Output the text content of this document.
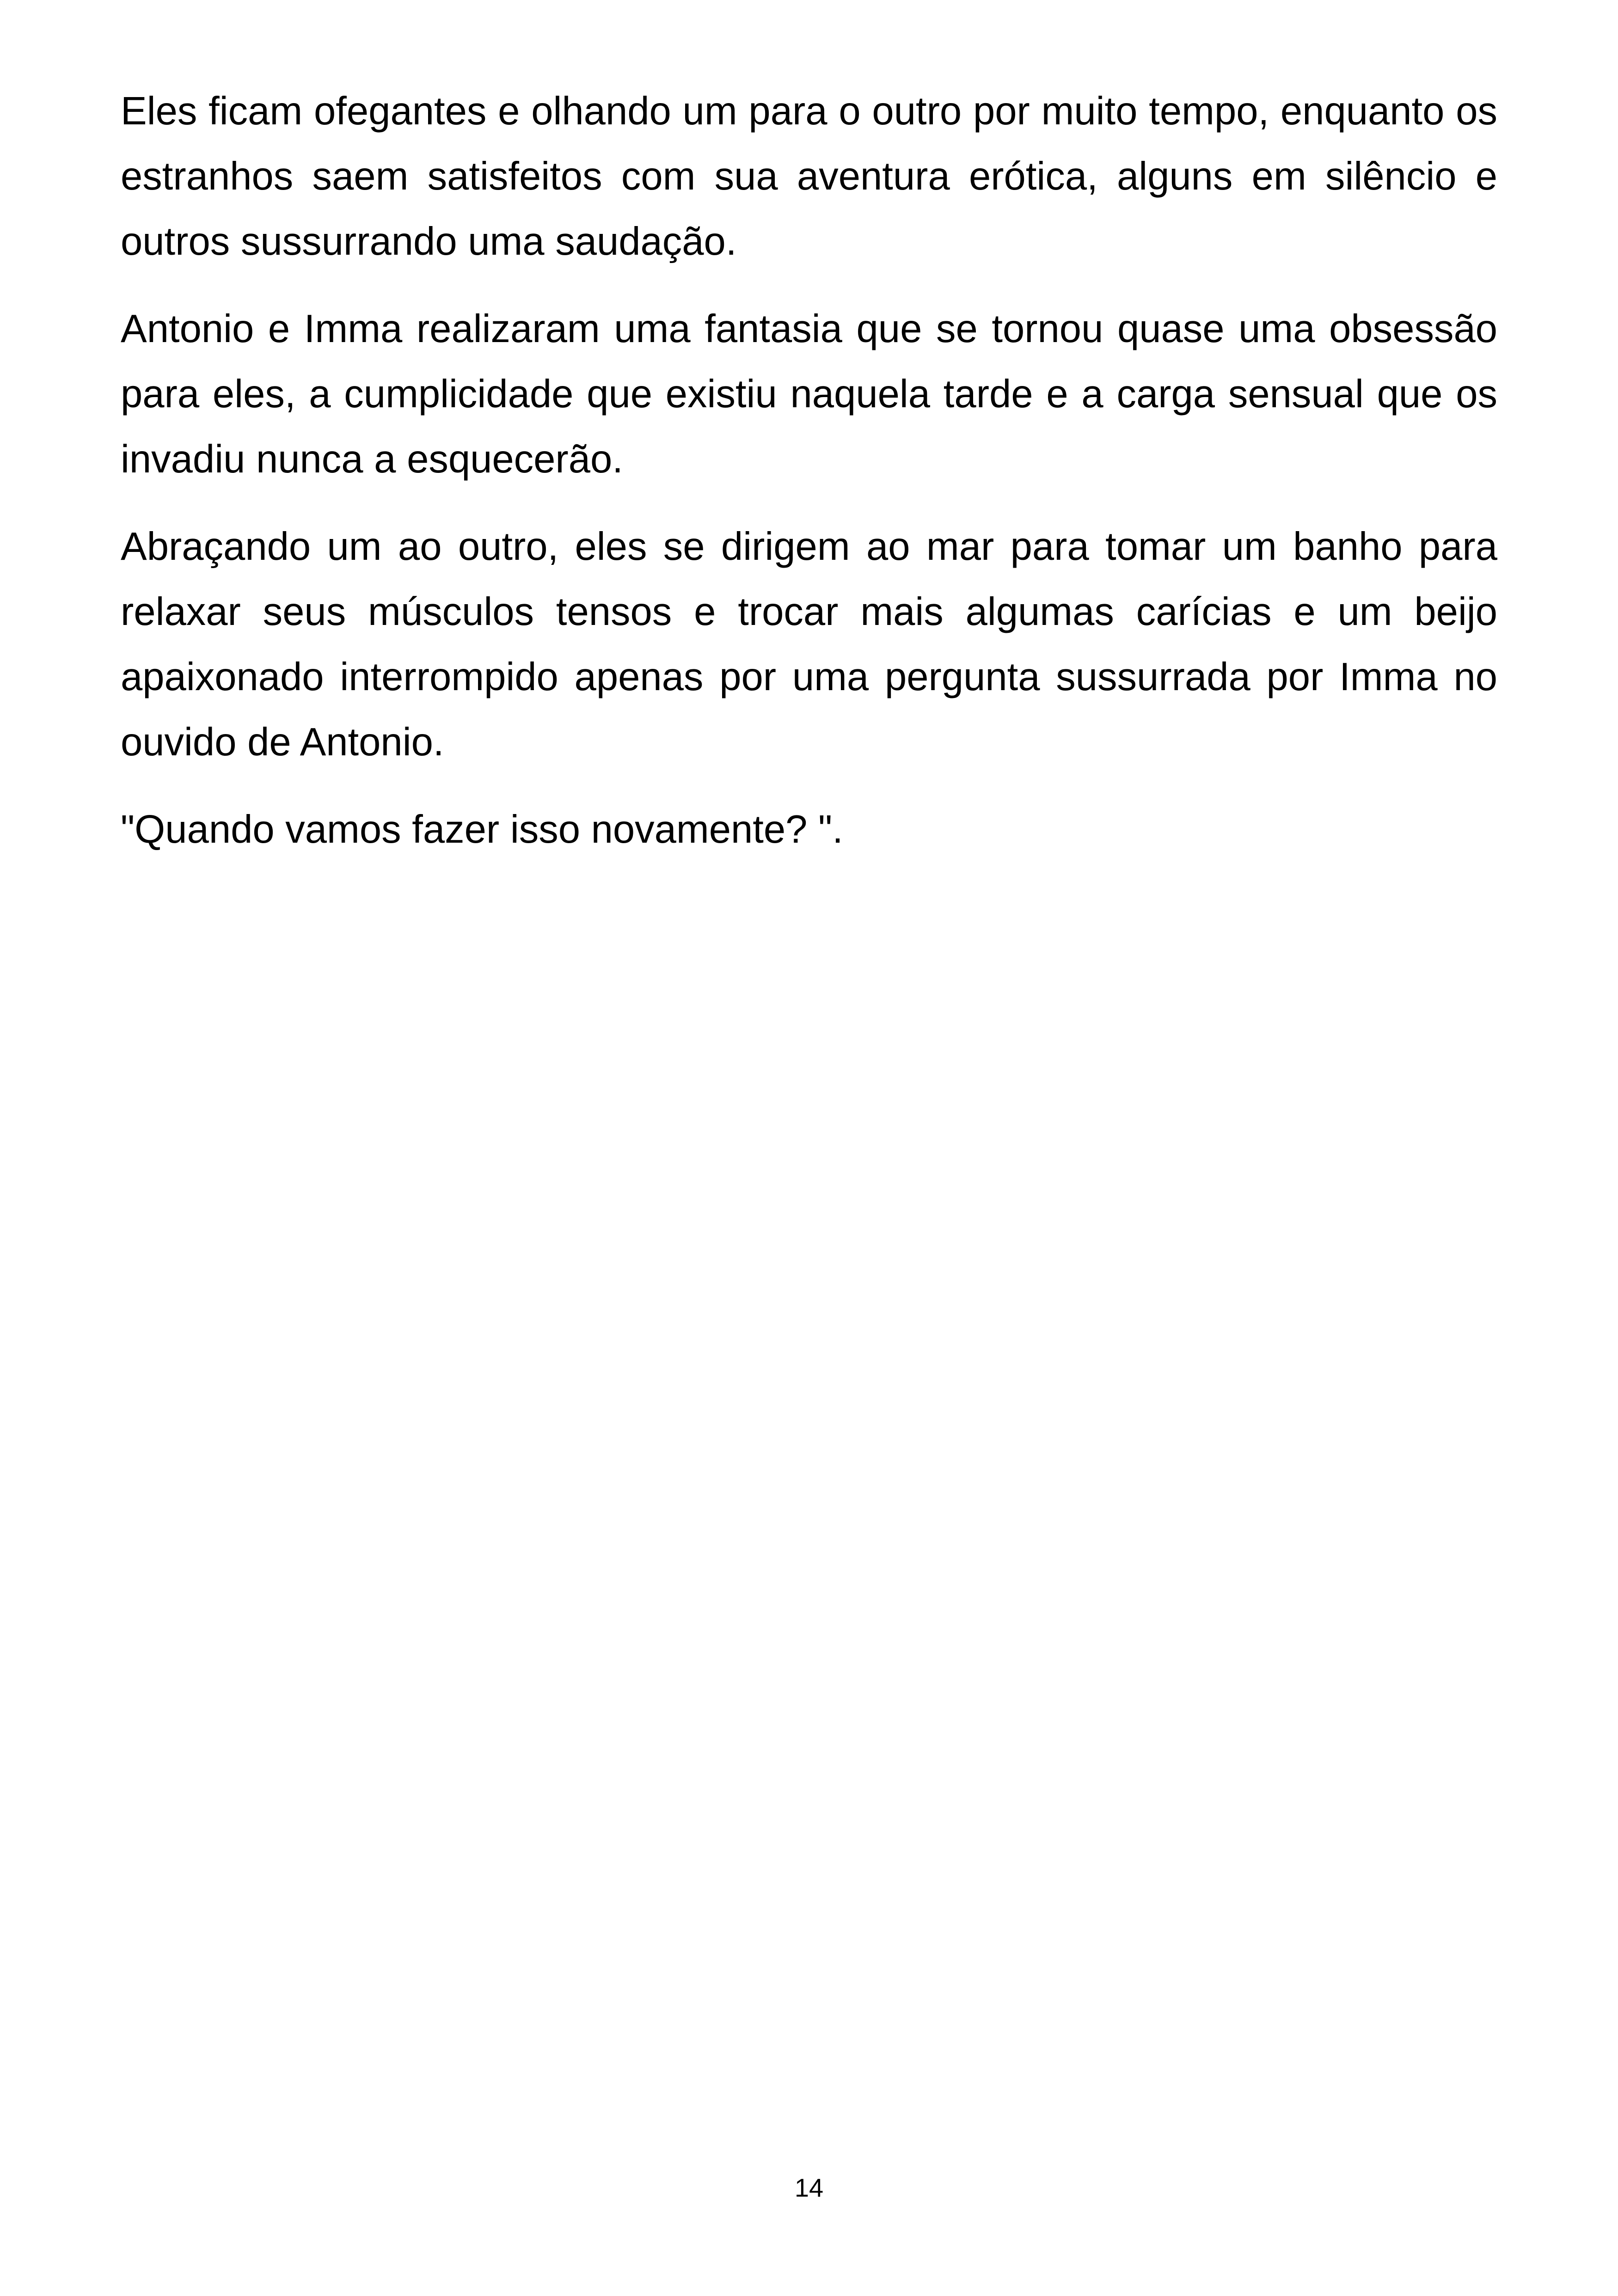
Eles ficam ofegantes e olhando um para o outro por muito tempo, enquanto os estranhos saem satisfeitos com sua aventura erótica, alguns em silêncio e outros sussurrando uma saudação.

Antonio e Imma realizaram uma fantasia que se tornou quase uma obsessão para eles, a cumplicidade que existiu naquela tarde e a carga sensual que os invadiu nunca a esquecerão.

Abraçando um ao outro, eles se dirigem ao mar para tomar um banho para relaxar seus músculos tensos e trocar mais algumas carícias e um beijo apaixonado interrompido apenas por uma pergunta sussurrada por Imma no ouvido de Antonio.

"Quando vamos fazer isso novamente? ".

14
